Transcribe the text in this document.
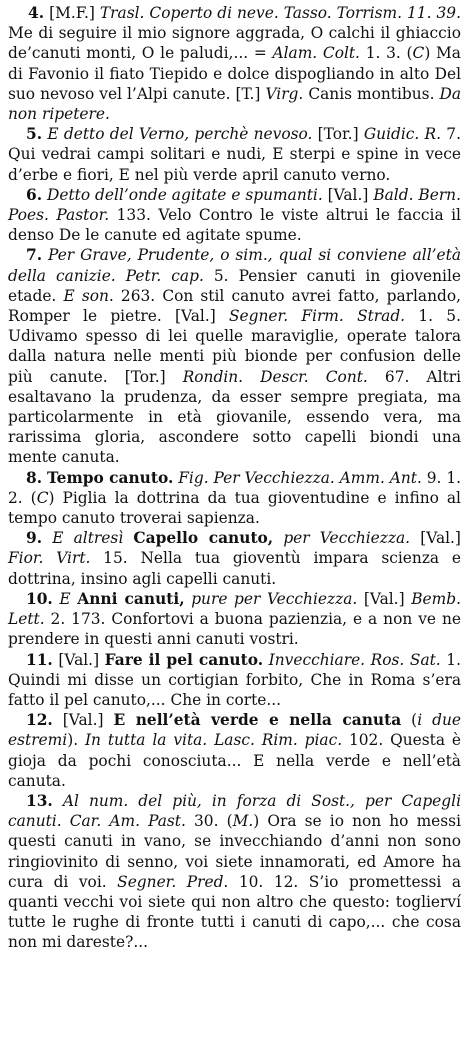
4. [M.F.] Trasl. Coperto di neve. Tasso. Torrism. 11. 39. Me di seguire il mio signore aggrada, O calchi il ghiaccio de’canuti monti, O le paludi,... = Alam. Colt. 1. 3. (C) Ma di Favonio il fiato Tiepido e dolce dispogliando in alto Del suo nevoso vel l’Alpi canute. [T.] Virg. Canis montibus. Da non ripetere.

5. E detto del Verno, perchè nevoso. [Tor.] Guidic. R. 7. Qui vedrai campi solitari e nudi, E sterpi e spine in vece d’erbe e fiori, E nel più verde april canuto verno.

6. Detto dell’onde agitate e spumanti. [Val.] Bald. Bern. Poes. Pastor. 133. Velo Contro le viste altrui le faccia il denso De le canute ed agitate spume.

7. Per Grave, Prudente, o sim., qual si conviene all’età della canizie. Petr. cap. 5. Pensier canuti in giovenile etade. E son. 263. Con stil canuto avrei fatto, parlando, Romper le pietre. [Val.] Segner. Firm. Strad. 1. 5. Udivamo spesso di lei quelle maraviglie, operate talora dalla natura nelle menti più bionde per confusion delle più canute. [Tor.] Rondin. Descr. Cont. 67. Altri esaltavano la prudenza, da esser sempre pregiata, ma particolarmente in età giovanile, essendo vera, ma rarissima gloria, ascondere sotto capelli biondi una mente canuta.

8. Tempo canuto. Fig. Per Vecchiezza. Amm. Ant. 9. 1. 2. (C) Piglia la dottrina da tua gioventudine e infino al tempo canuto troverai sapienza.

9. E altresì Capello canuto, per Vecchiezza. [Val.] Fior. Virt. 15. Nella tua gioventù impara scienza e dottrina, insino agli capelli canuti.

10. E Anni canuti, pure per Vecchiezza. [Val.] Bemb. Lett. 2. 173. Confortovi a buona pazienzia, e a non ve ne prendere in questi anni canuti vostri.

11. [Val.] Fare il pel canuto. Invecchiare. Ros. Sat. 1. Quindi mi disse un cortigian forbito, Che in Roma s’era fatto il pel canuto,... Che in corte...

12. [Val.] E nell’età verde e nella canuta (i due estremi). In tutta la vita. Lasc. Rim. piac. 102. Questa è gioja da pochi conosciuta... E nella verde e nell’età canuta.

13. Al num. del più, in forza di Sost., per Capegli canuti. Car. Am. Past. 30. (M.) Ora se io non ho messi questi canuti in vano, se invecchiando d’anni non sono ringiovinito di senno, voi siete innamorati, ed Amore ha cura di voi. Segner. Pred. 10. 12. S’io promettessi a quanti vecchi voi siete qui non altro che questo: toglierví tutte le rughe di fronte tutti i canuti di capo,... che cosa non mi dareste?...
